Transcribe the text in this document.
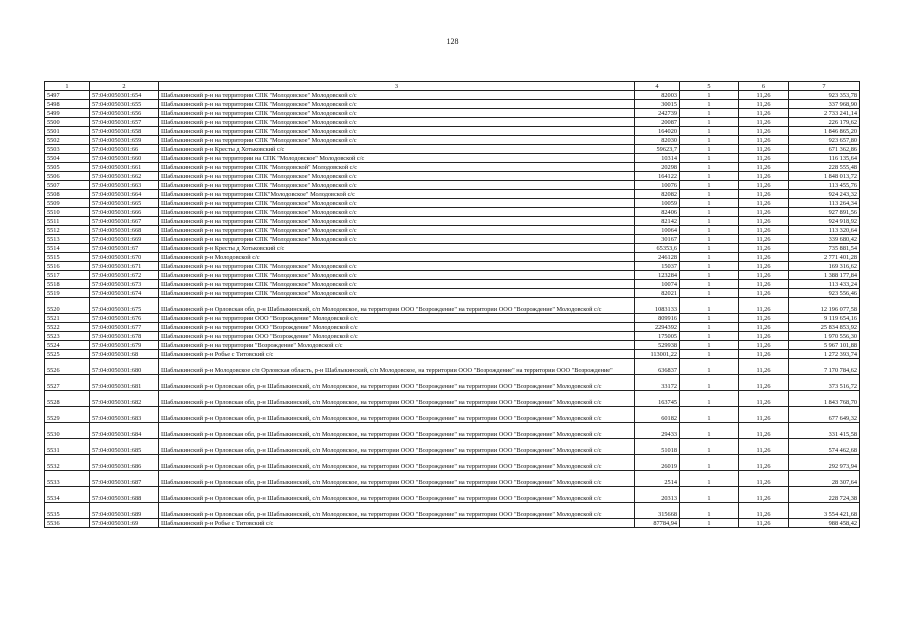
128
1	2	3	4	5	6	7
5497	57:04:0050301:654	Шаблыкинский р-н на территории СПК "Молодовское" Молодовской с/с	82003	1	11,26	923 353,78
5498	57:04:0050301:655	Шаблыкинский р-н на территории СПК "Молодовское" Молодовской с/с	30015	1	11,26	337 968,90
5499	57:04:0050301:656	Шаблыкинский р-н на территории СПК "Молодовское" Молодовской с/с	242739	1	11,26	2 733 241,14
5500	57:04:0050301:657	Шаблыкинский р-н на территории СПК "Молодовское" Молодовской с/с	20087	1	11,26	226 179,62
5501	57:04:0050301:658	Шаблыкинский р-н на территории СПК "Молодовское" Молодовской с/с	164020	1	11,26	1 846 865,20
5502	57:04:0050301:659	Шаблыкинский р-н на территории СПК "Молодовское" Молодовской с/с	82030	1	11,26	923 657,80
5503	57:04:0050301:66	Шаблыкинский р-н Кресты д Хотьковский с/с	59623,7	1	11,26	671 362,86
5504	57:04:0050301:660	Шаблыкинский р-н на территории на СПК "Молодовское" Молодовской с/с	10314	1	11,26	116 135,64
5505	57:04:0050301:661	Шаблыкинский р-н на территории СПК "Молодовской" Молодовской с/с	20298	1	11,26	228 555,48
5506	57:04:0050301:662	Шаблыкинский р-н на территории СПК "Молодовское" Молодовской с/с	164122	1	11,26	1 848 013,72
5507	57:04:0050301:663	Шаблыкинский р-н на территории СПК "Молодовское" Молодовской с/с	10076	1	11,26	113 455,76
5508	57:04:0050301:664	Шаблыкинский р-н на территории СПК"Молодовское" Молодовской с/с	82082	1	11,26	924 243,32
5509	57:04:0050301:665	Шаблыкинский р-н на территории СПК "Молодовское" Молодовской с/с	10059	1	11,26	113 264,34
5510	57:04:0050301:666	Шаблыкинский р-н на территории СПК "Молодовское" Молодовской с/с	82406	1	11,26	927 891,56
5511	57:04:0050301:667	Шаблыкинский р-н на территории СПК "Молодовское" Молодовской с/с	82142	1	11,26	924 918,92
5512	57:04:0050301:668	Шаблыкинский р-н на территории СПК "Молодовское" Молодовской с/с	10064	1	11,26	113 320,64
5513	57:04:0050301:669	Шаблыкинский р-н на территории СПК "Молодовское" Молодовской с/с	30167	1	11,26	339 680,42
5514	57:04:0050301:67	Шаблыкинский р-н Кресты д Хотьковский с/с	65353,6	1	11,26	735 881,54
5515	57:04:0050301:670	Шаблыкинский р-н Молодовской с/с	246128	1	11,26	2 771 401,28
5516	57:04:0050301:671	Шаблыкинский р-н на территории СПК "Молодовское" Молодовской с/с	15037	1	11,26	169 316,62
5517	57:04:0050301:672	Шаблыкинский р-н на территории СПК "Молодовское" Молодовской с/с	123284	1	11,26	1 388 177,84
5518	57:04:0050301:673	Шаблыкинский р-н на территории СПК "Молодовское" Молодовской с/с	10074	1	11,26	113 433,24
5519	57:04:0050301:674	Шаблыкинский р-н на территории СПК "Молодовское" Молодовской с/с	82021	1	11,26	923 556,46
5520	57:04:0050301:675	Шаблыкинский р-н Орловская обл, р-н Шаблыкинский, с/п Молодовское, на территории ООО "Возрождение" на территории ООО "Возрождение" Молодовской с/с	1083133	1	11,26	12 196 077,58
5521	57:04:0050301:676	Шаблыкинский р-н на территории ООО "Возрождение" Молодовской с/с	809916	1	11,26	9 119 654,16
5522	57:04:0050301:677	Шаблыкинский р-н на территории ООО "Возрождение" Молодовской с/с	2294392	1	11,26	25 834 853,92
5523	57:04:0050301:678	Шаблыкинский р-н на территории ООО "Возрождение" Молодовской с/с	175005	1	11,26	1 970 556,30
5524	57:04:0050301:679	Шаблыкинский р-н на территории "Возрождение" Молодовской с/с	529938	1	11,26	5 967 101,88
5525	57:04:0050301:68	Шаблыкинский р-н Робье с Титовский с/с	113001,22	1	11,26	1 272 393,74
5526	57:04:0050301:680	Шаблыкинский р-н Молодовское с/п Орловская область, р-н Шаблыкинский, с/п Молодовское, на территории ООО "Возрождение" на территории ООО "Возрождение"	636837	1	11,26	7 170 784,62
5527	57:04:0050301:681	Шаблыкинский р-н Орловская обл, р-н Шаблыкинский, с/п Молодовское, на территории ООО "Возрождение" на территории ООО "Возрождение" Молодовской с/с	33172	1	11,26	373 516,72
5528	57:04:0050301:682	Шаблыкинский р-н Орловская обл, р-н Шаблыкинский, с/п Молодовское, на территории ООО "Возрождение" на территории ООО "Возрождение" Молодовской с/с	163745	1	11,26	1 843 768,70
5529	57:04:0050301:683	Шаблыкинский р-н Орловская обл, р-н Шаблыкинский, с/п Молодовское, на территории ООО "Возрождение" на территории ООО "Возрождение" Молодовской с/с	60182	1	11,26	677 649,32
5530	57:04:0050301:684	Шаблыкинский р-н Орловская обл, р-н Шаблыкинский, с/п Молодовское, на территории ООО "Возрождение" на территории ООО "Возрождение" Молодовской с/с	29433	1	11,26	331 415,58
5531	57:04:0050301:685	Шаблыкинский р-н Орловская обл, р-н Шаблыкинский, с/п Молодовское, на территории ООО "Возрождение" на территории ООО "Возрождение" Молодовской с/с	51018	1	11,26	574 462,68
5532	57:04:0050301:686	Шаблыкинский р-н Орловская обл, р-н Шаблыкинский, с/п Молодовское, на территории ООО "Возрождение" на территории ООО "Возрождение" Молодовской с/с	26019	1	11,26	292 973,94
5533	57:04:0050301:687	Шаблыкинский р-н Орловская обл, р-н Шаблыкинский, с/п Молодовское, на территории ООО "Возрождение" на территории ООО "Возрождение" Молодовской с/с	2514	1	11,26	28 307,64
5534	57:04:0050301:688	Шаблыкинский р-н Орловская обл, р-н Шаблыкинский, с/п Молодовское, на территории ООО "Возрождение" на территории ООО "Возрождение" Молодовской с/с	20313	1	11,26	228 724,38
5535	57:04:0050301:689	Шаблыкинский р-н Орловская обл, р-н Шаблыкинский, с/п Молодовское, на территории ООО "Возрождение" на территории ООО "Возрождение" Молодовской с/с	315668	1	11,26	3 554 421,68
5536	57:04:0050301:69	Шаблыкинский р-н Робье с Титовский с/с	87784,94	1	11,26	988 458,42
